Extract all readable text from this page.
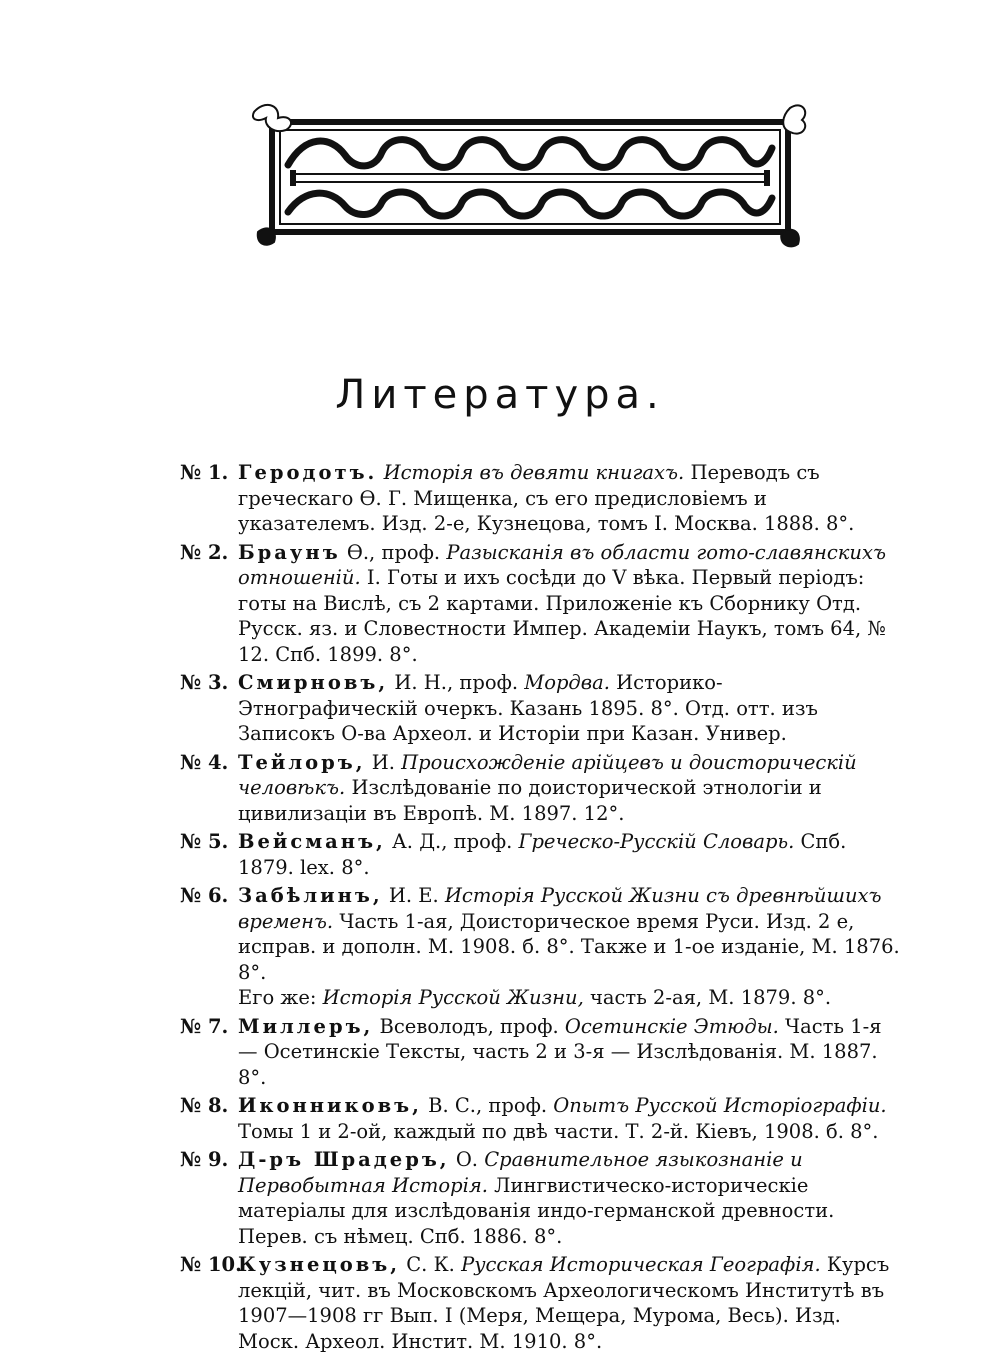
Литература.
№ 1. Геродотъ. Исторія въ девяти книгахъ. Переводъ съ греческаго Ѳ. Г. Мищенка, съ его предисловіемъ и указателемъ. Изд. 2-е, Кузнецова, томъ I. Москва. 1888. 8°.
№ 2. Браунъ Ѳ., проф. Разысканія въ области гото-славянскихъ отношеній. I. Готы и ихъ сосѣди до V вѣка. Первый періодъ: готы на Вислѣ, съ 2 картами. Приложеніе къ Сборнику Отд. Русск. яз. и Словестности Импер. Академіи Наукъ, томъ 64, № 12. Спб. 1899. 8°.
№ 3. Смирновъ, И. Н., проф. Мордва. Историко-Этнографическій очеркъ. Казань 1895. 8°. Отд. отт. изъ Записокъ О-ва Археол. и Исторіи при Казан. Универ.
№ 4. Тейлоръ, И. Происхожденіе арійцевъ и доисторическій человѣкъ. Изслѣдованіе по доисторической этнологіи и цивилизаціи въ Европѣ. М. 1897. 12°.
№ 5. Вейсманъ, А. Д., проф. Греческо-Русскій Словарь. Спб. 1879. lex. 8°.
№ 6. Забѣлинъ, И. Е. Исторія Русской Жизни съ древнѣйшихъ временъ. Часть 1-ая, Доисторическое время Руси. Изд. 2 е, исправ. и дополн. М. 1908. б. 8°. Также и 1-ое изданіе, М. 1876. 8°.
Его же: Исторія Русской Жизни, часть 2-ая, М. 1879. 8°.
№ 7. Миллеръ, Всеволодъ, проф. Осетинскіе Этюды. Часть 1-я— Осетинскіе Тексты, часть 2 и 3-я — Изслѣдованія. М. 1887. 8°.
№ 8. Иконниковъ, В. С., проф. Опытъ Русской Исторіографіи. Томы 1 и 2-ой, каждый по двѣ части. Т. 2-й. Кіевъ, 1908. б. 8°.
№ 9. Д-ръ Шрадеръ, О. Сравнительное языкознаніе и Первобытная Исторія. Лингвистическо-историческіе матеріалы для изслѣдованія индо-германской древности. Перев. съ нѣмец. Спб. 1886. 8°.
№ 10.
Кузнецовъ, С. К. Русская Историческая Географія. Курсъ лекцій, чит. въ Московскомъ Археологическомъ Институтѣ въ 1907—1908 гг Вып. I (Меря, Мещера, Мурома, Весь). Изд. Моск. Археол. Инстит. М. 1910. 8°.
